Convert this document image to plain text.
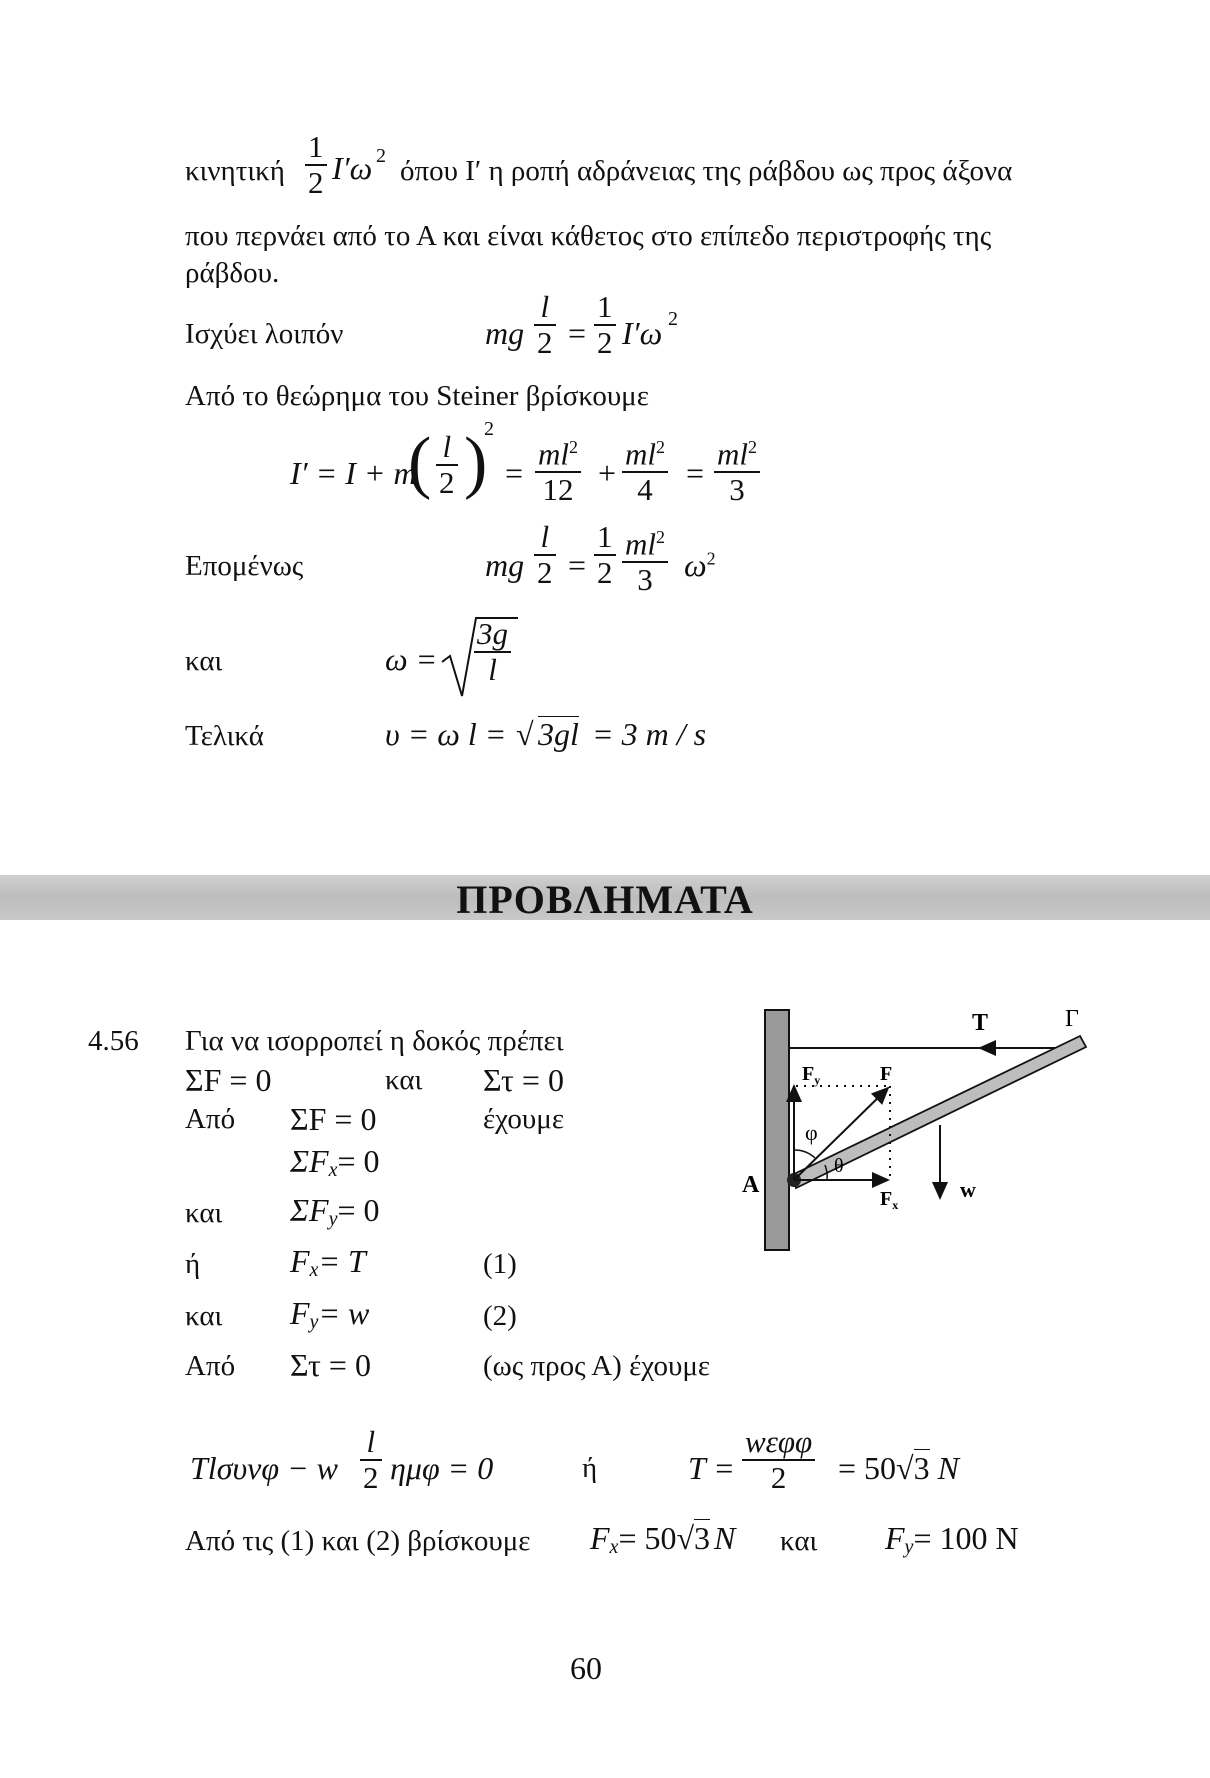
κινητική
1
2 I′ω 2 όπου I′ η ροπή αδράνειας της ράβδου ως προς άξονα
που περνάει από το Α και είναι κάθετος στο επίπεδο περιστροφής της
ράβδου.
Ισχύει λοιπόν	mg
l
2 =
1
2 I′ω 2
Από το θεώρημα του Steiner βρίσκουμε
I′ = I + m
( l
2 )
2
=
$ml^2$
12 +
$ml^2$
4 =
$ml^2$
3
Επομένως	mg
l
2 =
1
2
$ml^2$
3 $\omega^2$
και	ω =
3g
l
Τελικά	υ = ω l = √ 3gl = 3 m / s
ΠΡΟΒΛΗΜΑΤΑ
4.56 Για να ισορροπεί η δοκός πρέπει
ΣF = 0	και Στ = 0
Από ΣF = 0	έχουμε
$\Sigma F_x= 0$
και $\Sigma F_y= 0$
ή	$F_x= T$	(1)
και $F_y= w$	(2)
Από Στ = 0	(ως προς Α) έχουμε
Tlσυνφ − w
l
2 ημφ = 0	ή	T =
wεφφ
2 = 50√3 N
Από τις (1) και (2) βρίσκουμε $F_x= 50√3$ N και $F_y= 100$ N
T	Γ
$F_y$	F
φ
θ
A
$F_x$
w
60
